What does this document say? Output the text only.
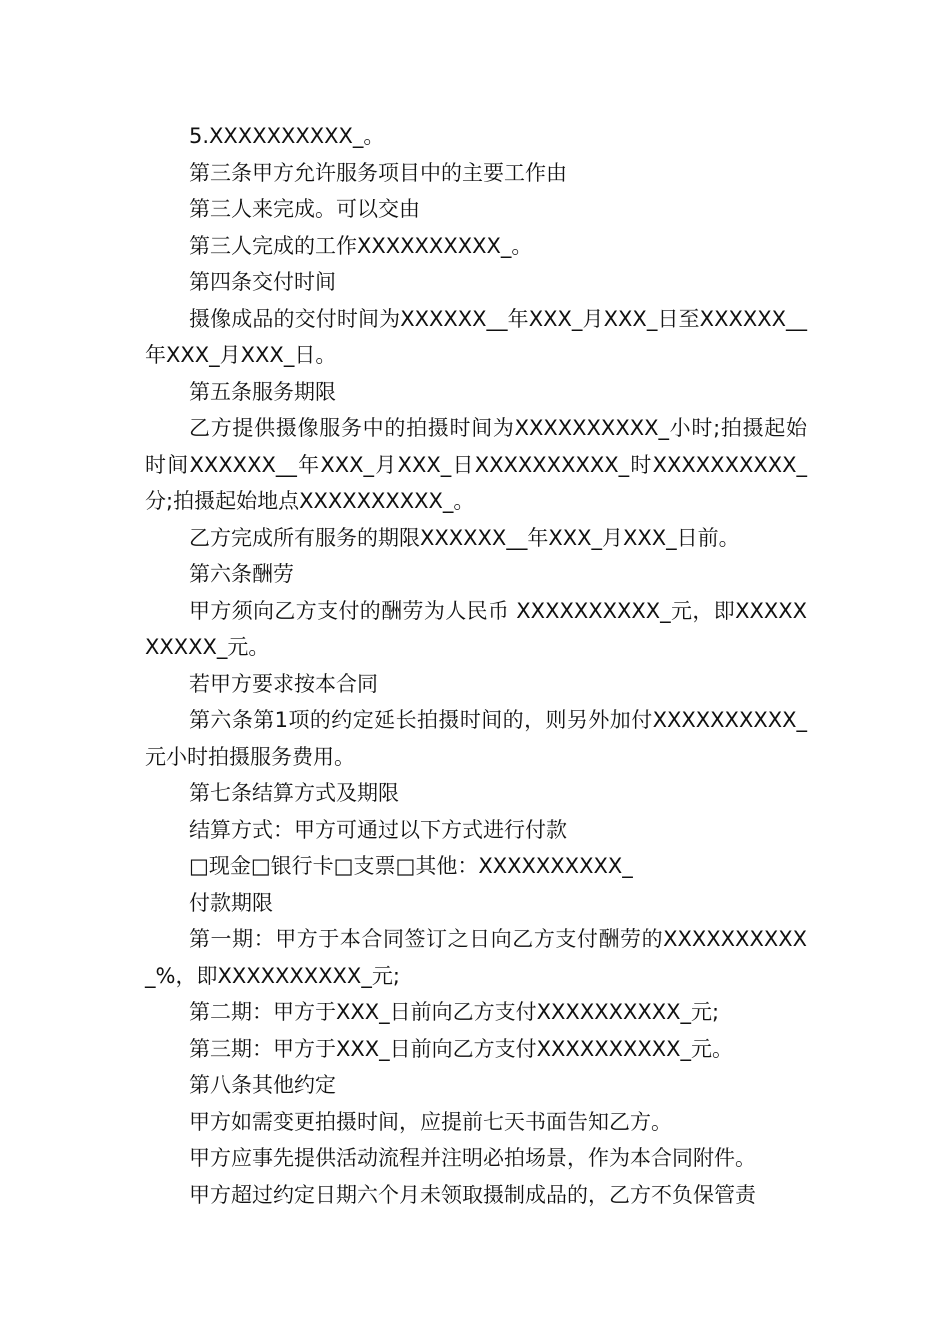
5.XXXXXXXXXX_。

第三条甲方允许服务项目中的主要工作由

第三人来完成。可以交由

第三人完成的工作XXXXXXXXXX_。

第四条交付时间

摄像成品的交付时间为XXXXXX__年XXX_月XXX_日至XXXXXX__年XXX_月XXX_日。

第五条服务期限

乙方提供摄像服务中的拍摄时间为XXXXXXXXXX_小时;拍摄起始时间XXXXXX__年XXX_月XXX_日XXXXXXXXXX_时XXXXXXXXXX_分;拍摄起始地点XXXXXXXXXX_。

乙方完成所有服务的期限XXXXXX__年XXX_月XXX_日前。

第六条酬劳

甲方须向乙方支付的酬劳为人民币 XXXXXXXXXX_元，即XXXXXXXXXX_元。

若甲方要求按本合同

第六条第1项的约定延长拍摄时间的，则另外加付XXXXXXXXXX_元小时拍摄服务费用。

第七条结算方式及期限

结算方式：甲方可通过以下方式进行付款

□现金□银行卡□支票□其他：XXXXXXXXXX_

付款期限

第一期：甲方于本合同签订之日向乙方支付酬劳的XXXXXXXXXX_%，即XXXXXXXXXX_元;

第二期：甲方于XXX_日前向乙方支付XXXXXXXXXX_元;

第三期：甲方于XXX_日前向乙方支付XXXXXXXXXX_元。

第八条其他约定

甲方如需变更拍摄时间，应提前七天书面告知乙方。

甲方应事先提供活动流程并注明必拍场景，作为本合同附件。

甲方超过约定日期六个月未领取摄制成品的，乙方不负保管责
